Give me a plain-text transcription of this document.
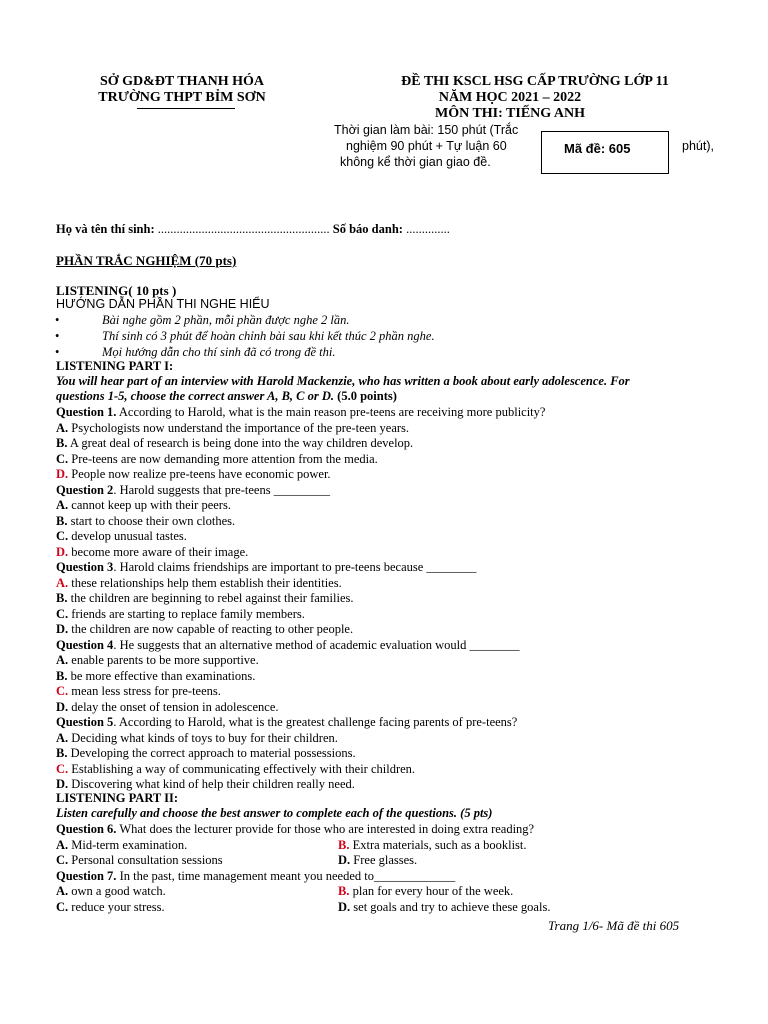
SỞ GD&ĐT THANH HÓA
TRƯỜNG THPT BỈM SƠN
ĐỀ THI KSCL HSG CẤP TRƯỜNG LỚP 11
NĂM HỌC 2021 – 2022
MÔN THI: TIẾNG ANH
Thời gian làm bài: 150 phút (Trắc
nghiệm 90 phút + Tự luận 60
không kể thời gian giao đề.
phút),
Mã đề: 605
Họ và tên thí sinh: ....................................................... Số báo danh: ..............
PHẦN TRẮC NGHIỆM (70 pts)
LISTENING( 10 pts )
HƯỚNG DẪN PHẦN THI NGHE HIỂU
•	Bài nghe gồm 2 phần, mỗi phần được nghe 2 lần.
•	Thí sinh có 3 phút để hoàn chỉnh bài sau khi kết thúc 2 phần nghe.
•	Mọi hướng dẫn cho thí sinh đã có trong đề thi.
LISTENING PART I:
You will hear part of an interview with Harold Mackenzie, who has written a book about early adolescence. For
questions 1-5, choose the correct answer A, B, C or D. (5.0 points)
Question 1. According to Harold, what is the main reason pre-teens are receiving more publicity?
A. Psychologists now understand the importance of the pre-teen years.
B. A great deal of research is being done into the way children develop.
C. Pre-teens are now demanding more attention from the media.
D. People now realize pre-teens have economic power.
Question 2. Harold suggests that pre-teens _________
A. cannot keep up with their peers.
B. start to choose their own clothes.
C. develop unusual tastes.
D. become more aware of their image.
Question 3. Harold claims friendships are important to pre-teens because ________
A. these relationships help them establish their identities.
B. the children are beginning to rebel against their families.
C. friends are starting to replace family members.
D. the children are now capable of reacting to other people.
Question 4. He suggests that an alternative method of academic evaluation would ________
A. enable parents to be more supportive.
B. be more effective than examinations.
C. mean less stress for pre-teens.
D. delay the onset of tension in adolescence.
Question 5. According to Harold, what is the greatest challenge facing parents of pre-teens?
A. Deciding what kinds of toys to buy for their children.
B. Developing the correct approach to material possessions.
C. Establishing a way of communicating effectively with their children.
D. Discovering what kind of help their children really need.
LISTENING PART II:
Listen carefully and choose the best answer to complete each of the questions. (5 pts)
Question 6. What does the lecturer provide for those who are interested in doing extra reading?
A. Mid-term examination.	B. Extra materials, such as a booklist.
C. Personal consultation sessions	D. Free glasses.
Question 7. In the past, time management meant you needed to_____________
A. own a good watch.	B. plan for every hour of the week.
C. reduce your stress.	D. set goals and try to achieve these goals.
Trang 1/6- Mã đề thi 605
